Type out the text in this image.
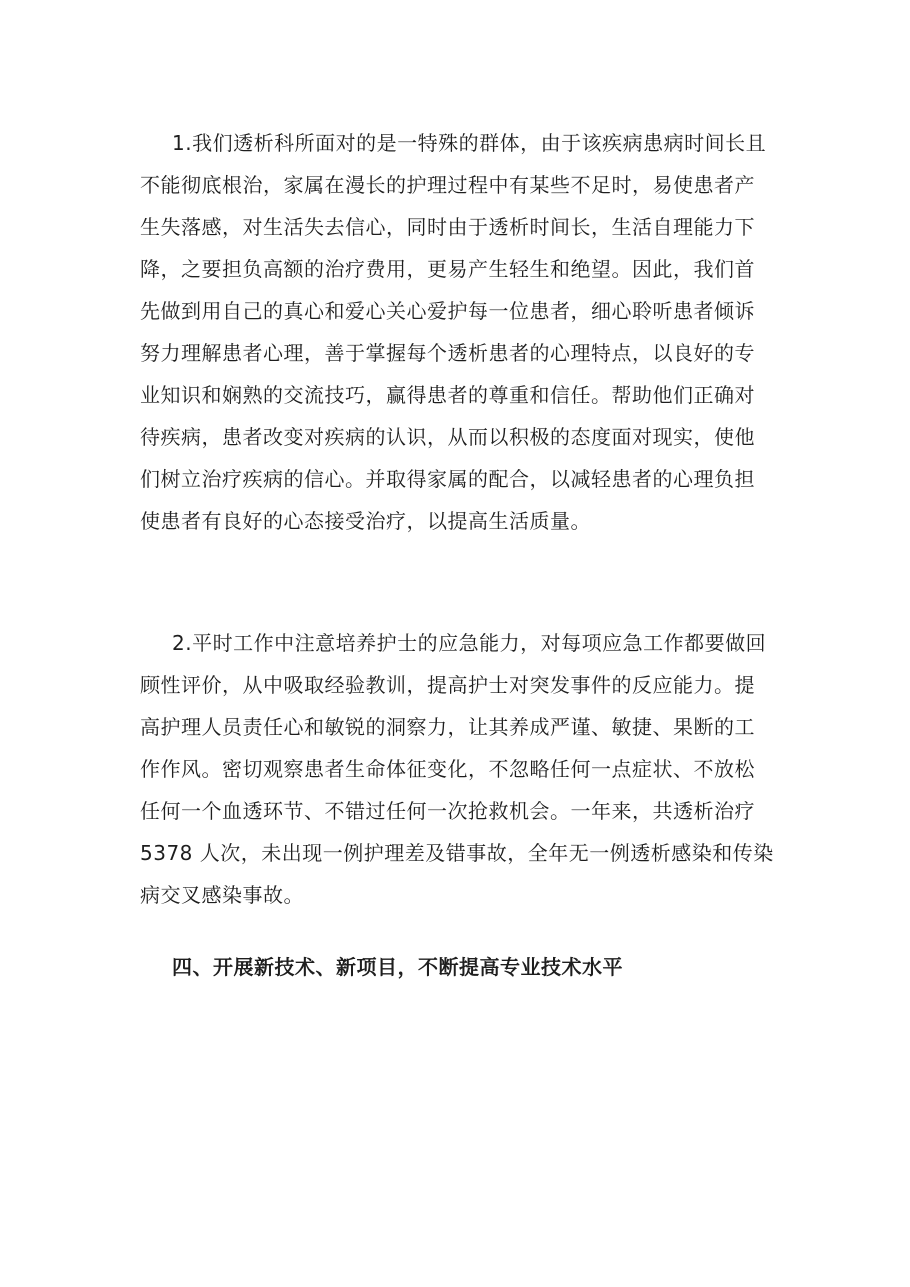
1.我们透析科所面对的是一特殊的群体，由于该疾病患病时间长且
不能彻底根治，家属在漫长的护理过程中有某些不足时，易使患者产
生失落感，对生活失去信心，同时由于透析时间长，生活自理能力下
降，之要担负高额的治疗费用，更易产生轻生和绝望。因此，我们首
先做到用自己的真心和爱心关心爱护每一位患者，细心聆听患者倾诉
努力理解患者心理，善于掌握每个透析患者的心理特点，以良好的专
业知识和娴熟的交流技巧，赢得患者的尊重和信任。帮助他们正确对
待疾病，患者改变对疾病的认识，从而以积极的态度面对现实，使他
们树立治疗疾病的信心。并取得家属的配合，以减轻患者的心理负担
使患者有良好的心态接受治疗，以提高生活质量。
2.平时工作中注意培养护士的应急能力，对每项应急工作都要做回
顾性评价，从中吸取经验教训，提高护士对突发事件的反应能力。提
高护理人员责任心和敏锐的洞察力，让其养成严谨、敏捷、果断的工
作作风。密切观察患者生命体征变化，不忽略任何一点症状、不放松
任何一个血透环节、不错过任何一次抢救机会。一年来，共透析治疗
5378 人次，未出现一例护理差及错事故，全年无一例透析感染和传染
病交叉感染事故。
四、开展新技术、新项目，不断提高专业技术水平
